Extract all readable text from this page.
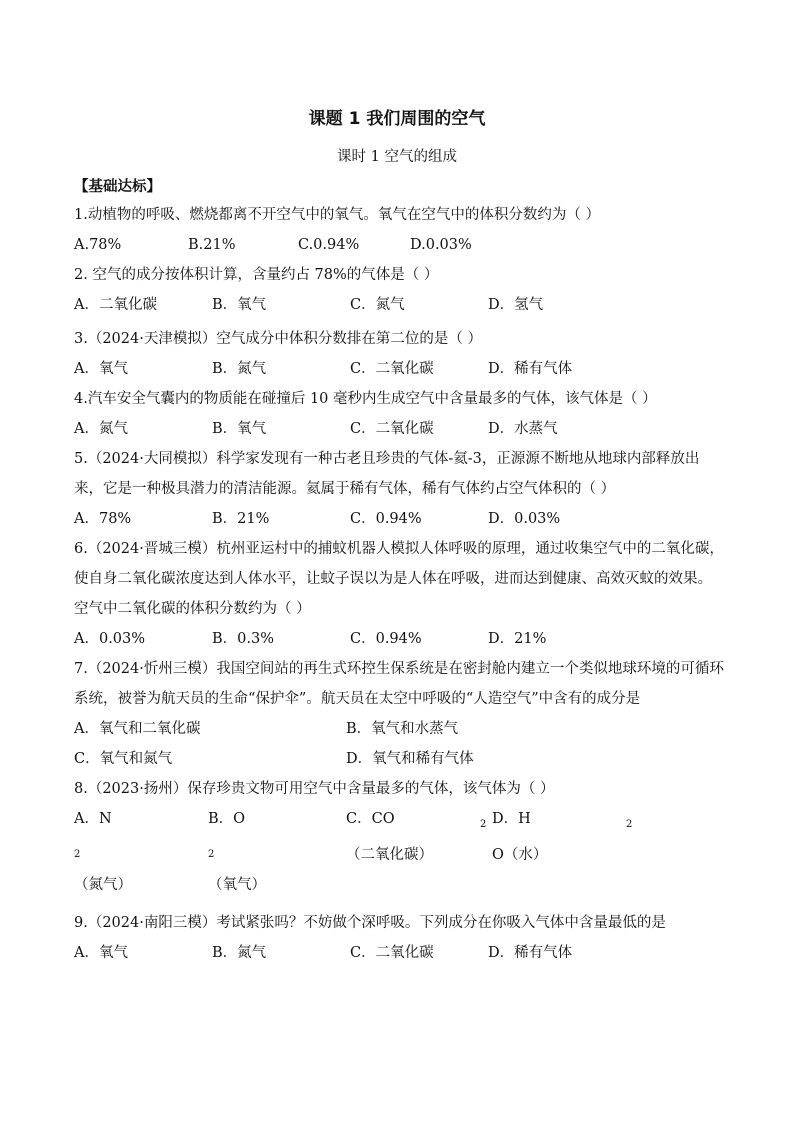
课题 1 我们周围的空气
课时 1 空气的组成
【基础达标】
1.动植物的呼吸、燃烧都离不开空气中的氧气。氧气在空气中的体积分数约为（ ）
A.78%	B.21%	C.0.94%	D.0.03%
2. 空气的成分按体积计算，含量约占 78%的气体是（ ）
A．二氧化碳	B．氧气	C．氮气	D．氢气
3.（2024·天津模拟）空气成分中体积分数排在第二位的是（ ）
A．氧气	B．氮气	C．二氧化碳	D．稀有气体
4.汽车安全气囊内的物质能在碰撞后 10 毫秒内生成空气中含量最多的气体，该气体是（ ）
A．氮气	B．氧气	C．二氧化碳	D．水蒸气
5.（2024·大同模拟）科学家发现有一种古老且珍贵的气体-氦-3，正源源不断地从地球内部释放出来，它是一种极具潜力的清洁能源。氦属于稀有气体，稀有气体约占空气体积的（ ）
A．78%	B．21%	C．0.94%	D．0.03%
6.（2024·晋城三模）杭州亚运村中的捕蚊机器人模拟人体呼吸的原理，通过收集空气中的二氧化碳，使自身二氧化碳浓度达到人体水平，让蚊子误以为是人体在呼吸，进而达到健康、高效灭蚊的效果。空气中二氧化碳的体积分数约为（ ）
A．0.03%	B．0.3%	C．0.94%	D．21%
7.（2024·忻州三模）我国空间站的再生式环控生保系统是在密封舱内建立一个类似地球环境的可循环系统，被誉为航天员的生命“保护伞”。航天员在太空中呼吸的“人造空气”中含有的成分是
A．氧气和二氧化碳	B．氧气和水蒸气
C．氧气和氮气	D．氧气和稀有气体
8.（2023·扬州）保存珍贵文物可用空气中含量最多的气体，该气体为（ ）
A．$N_2$（氮气）
B．$O_2$（氧气）
C．CO	$_2$（二氧化碳）
D．H	$_2$O（水）
9.（2024·南阳三模）考试紧张吗？不妨做个深呼吸。下列成分在你吸入气体中含量最低的是
A．氧气	B．氮气	C．二氧化碳	D．稀有气体
